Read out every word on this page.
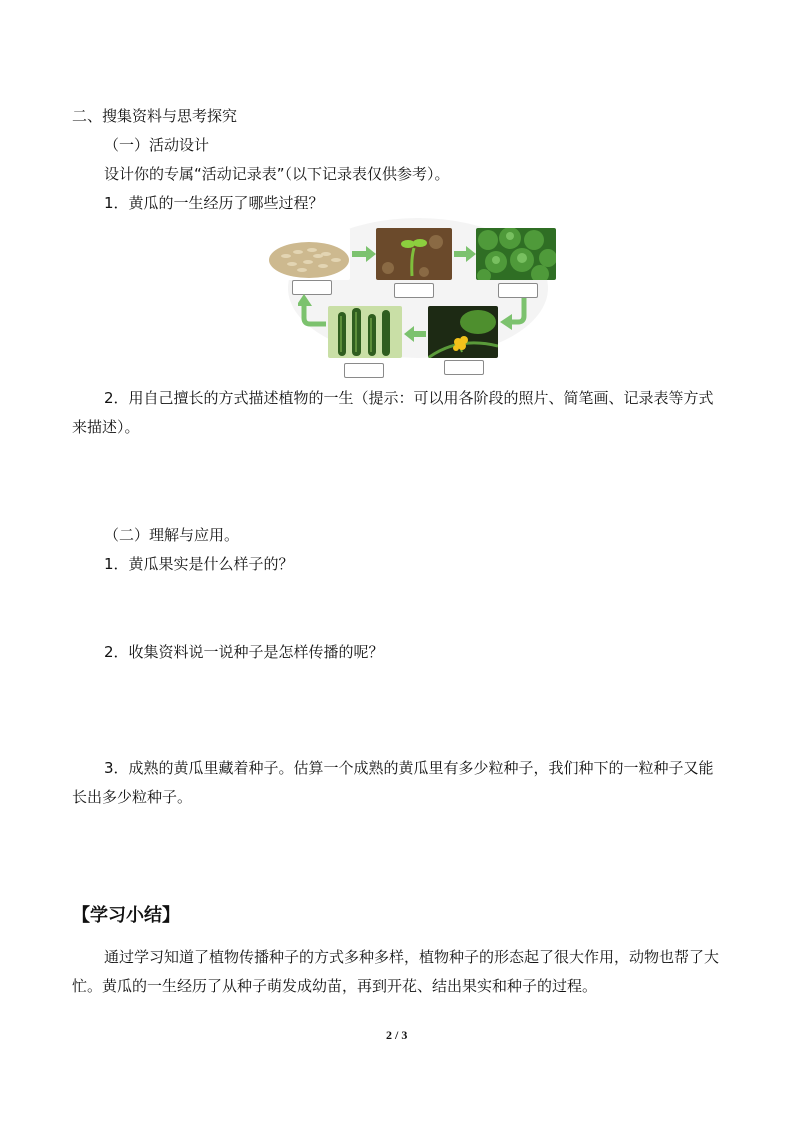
二、搜集资料与思考探究
（一）活动设计
设计你的专属“活动记录表”（以下记录表仅供参考）。
1．黄瓜的一生经历了哪些过程？
2．用自己擅长的方式描述植物的一生（提示：可以用各阶段的照片、简笔画、记录表等方式来描述）。
（二）理解与应用。
1．黄瓜果实是什么样子的？
2．收集资料说一说种子是怎样传播的呢？
3．成熟的黄瓜里藏着种子。估算一个成熟的黄瓜里有多少粒种子，我们种下的一粒种子又能长出多少粒种子。
【学习小结】
通过学习知道了植物传播种子的方式多种多样，植物种子的形态起了很大作用，动物也帮了大忙。黄瓜的一生经历了从种子萌发成幼苗，再到开花、结出果实和种子的过程。
2 / 3
